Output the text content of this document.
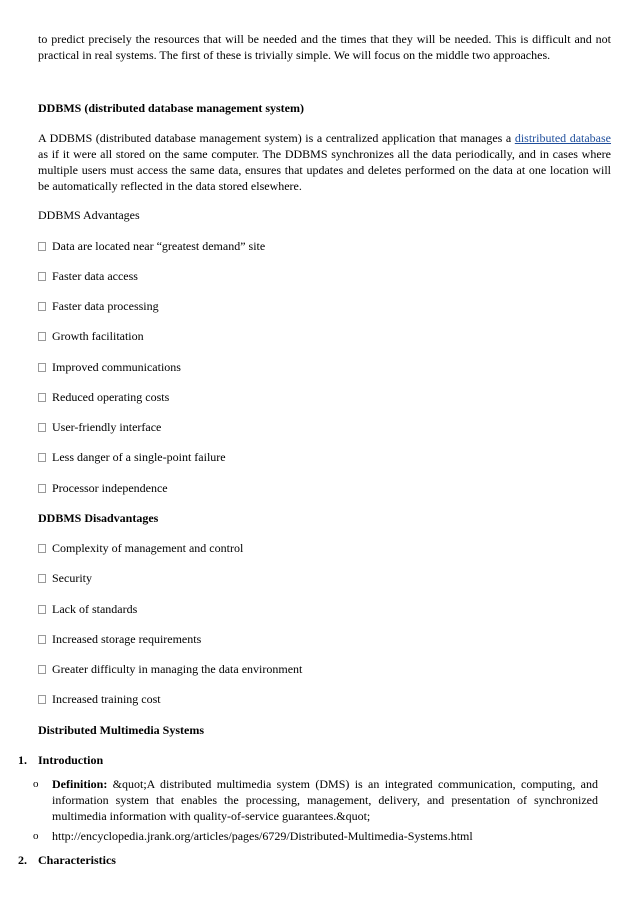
to predict precisely the resources that will be needed and the times that they will be needed. This is difficult and not practical in real systems. The first of these is trivially simple. We will focus on the middle two approaches.

DDBMS (distributed database management system)

A DDBMS (distributed database management system) is a centralized application that manages a distributed database as if it were all stored on the same computer. The DDBMS synchronizes all the data periodically, and in cases where multiple users must access the same data, ensures that updates and deletes performed on the data at one location will be automatically reflected in the data stored elsewhere.

DDBMS Advantages

Data are located near “greatest demand” site

Faster data access

Faster data processing

Growth facilitation

Improved communications

Reduced operating costs

User-friendly interface

Less danger of a single-point failure

Processor independence

DDBMS Disadvantages

Complexity of management and control

Security

Lack of standards

Increased storage requirements

Greater difficulty in managing the data environment

Increased training cost

Distributed Multimedia Systems

1. Introduction

o Definition: &quot;A distributed multimedia system (DMS) is an integrated communication, computing, and information system that enables the processing, management, delivery, and presentation of synchronized multimedia information with quality-of-service guarantees.&quot;

o http://encyclopedia.jrank.org/articles/pages/6729/Distributed-Multimedia-Systems.html

2. Characteristics
